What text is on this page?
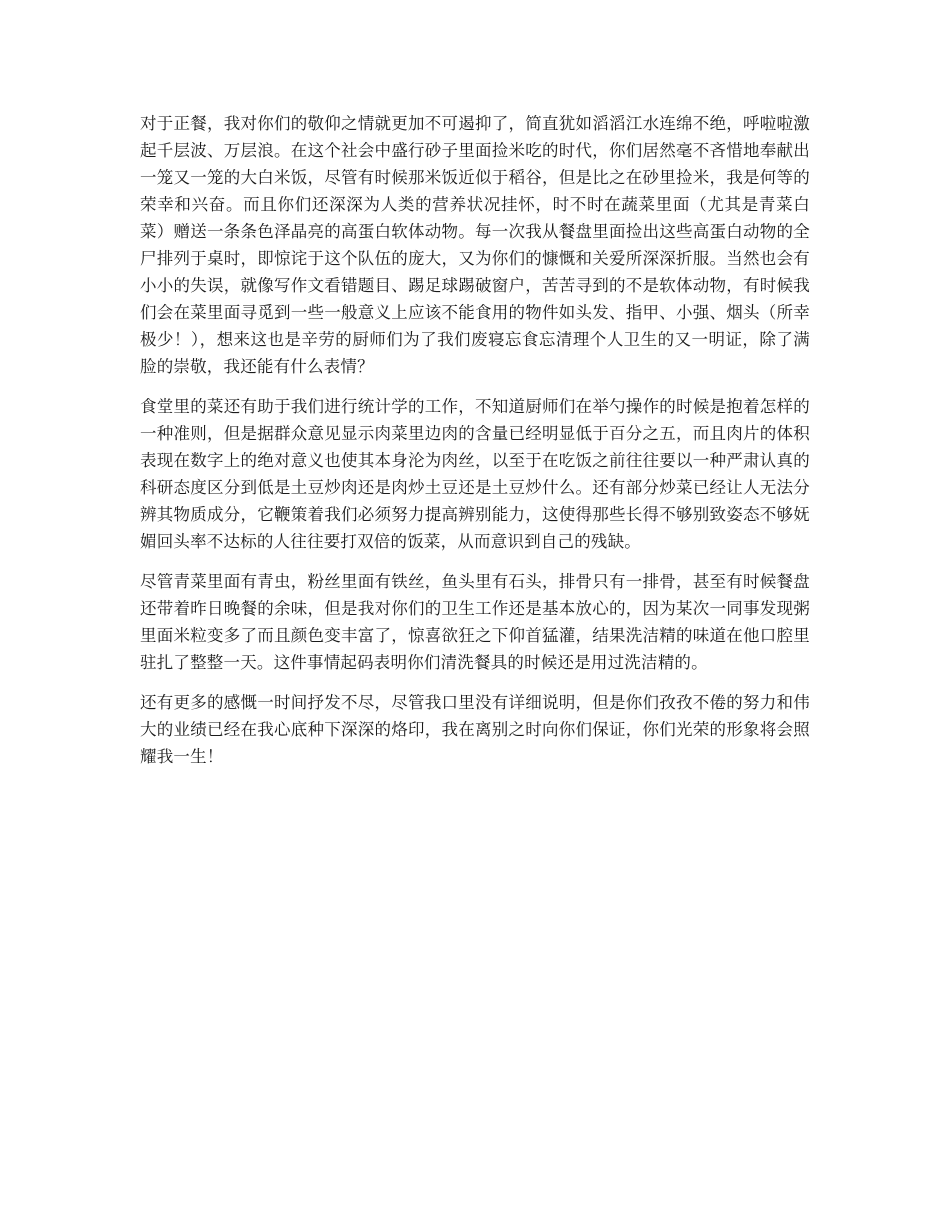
对于正餐，我对你们的敬仰之情就更加不可遏抑了，简直犹如滔滔江水连绵不绝，呼啦啦激起千层波、万层浪。在这个社会中盛行砂子里面捡米吃的时代，你们居然毫不吝惜地奉献出一笼又一笼的大白米饭，尽管有时候那米饭近似于稻谷，但是比之在砂里捡米，我是何等的荣幸和兴奋。而且你们还深深为人类的营养状况挂怀，时不时在蔬菜里面（尤其是青菜白菜）赠送一条条色泽晶亮的高蛋白软体动物。每一次我从餐盘里面捡出这些高蛋白动物的全尸排列于桌时，即惊诧于这个队伍的庞大，又为你们的慷慨和关爱所深深折服。当然也会有小小的失误，就像写作文看错题目、踢足球踢破窗户，苦苦寻到的不是软体动物，有时候我们会在菜里面寻觅到一些一般意义上应该不能食用的物件如头发、指甲、小强、烟头（所幸极少！），想来这也是辛劳的厨师们为了我们废寝忘食忘清理个人卫生的又一明证，除了满脸的崇敬，我还能有什么表情？

食堂里的菜还有助于我们进行统计学的工作，不知道厨师们在举勺操作的时候是抱着怎样的一种准则，但是据群众意见显示肉菜里边肉的含量已经明显低于百分之五，而且肉片的体积表现在数字上的绝对意义也使其本身沦为肉丝，以至于在吃饭之前往往要以一种严肃认真的科研态度区分到低是土豆炒肉还是肉炒土豆还是土豆炒什么。还有部分炒菜已经让人无法分辨其物质成分，它鞭策着我们必须努力提高辨别能力，这使得那些长得不够别致姿态不够妩媚回头率不达标的人往往要打双倍的饭菜，从而意识到自己的残缺。

尽管青菜里面有青虫，粉丝里面有铁丝，鱼头里有石头，排骨只有一排骨，甚至有时候餐盘还带着昨日晚餐的余味，但是我对你们的卫生工作还是基本放心的，因为某次一同事发现粥里面米粒变多了而且颜色变丰富了，惊喜欲狂之下仰首猛灌，结果洗洁精的味道在他口腔里驻扎了整整一天。这件事情起码表明你们清洗餐具的时候还是用过洗洁精的。

还有更多的感慨一时间抒发不尽，尽管我口里没有详细说明，但是你们孜孜不倦的努力和伟大的业绩已经在我心底种下深深的烙印，我在离别之时向你们保证，你们光荣的形象将会照耀我一生！
